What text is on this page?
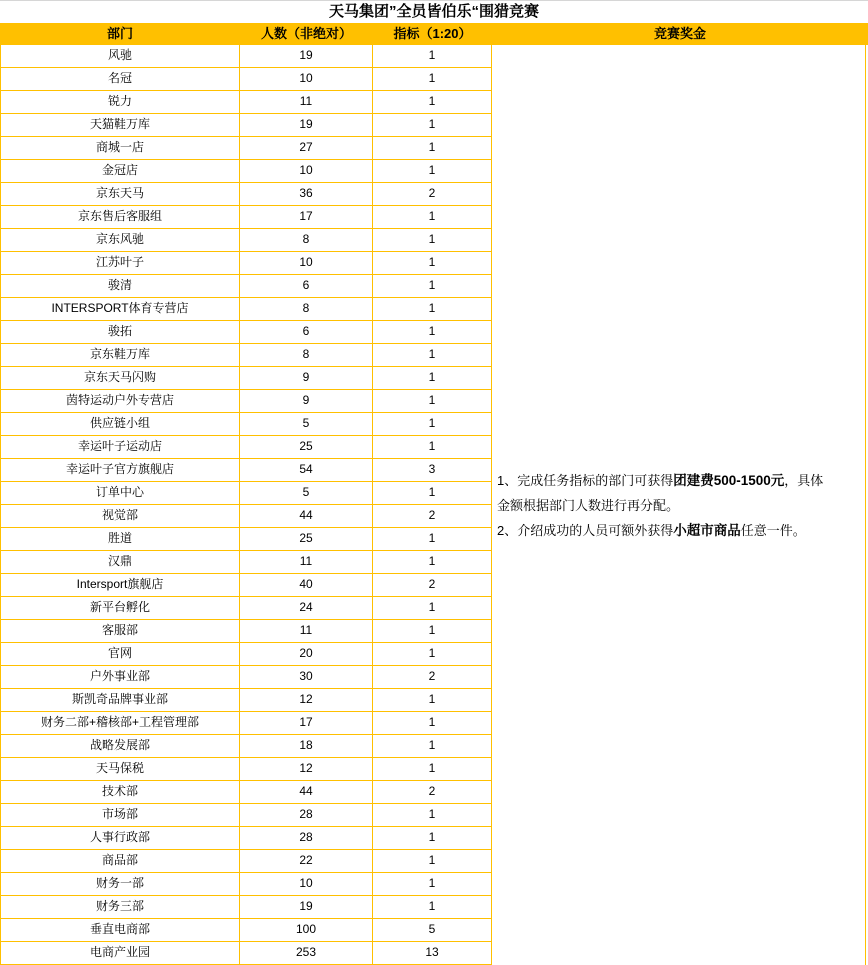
天马集团”全员皆伯乐“围猎竞赛
部门	人数（非绝对）	指标（1:20）	竞赛奖金
风驰	19	1
名冠	10	1
锐力	11	1
天猫鞋万库	19	1
商城一店	27	1
金冠店	10	1
京东天马	36	2
京东售后客服组	17	1
京东风驰	8	1
江苏叶子	10	1
骏清	6	1
INTERSPORT体育专营店	8	1
骏拓	6	1
京东鞋万库	8	1
京东天马闪购	9	1
茵特运动户外专营店	9	1
供应链小组	5	1
幸运叶子运动店	25	1
幸运叶子官方旗舰店	54	3
订单中心	5	1
视觉部	44	2
胜道	25	1
汉鼎	11	1
Intersport旗舰店	40	2
新平台孵化	24	1
客服部	11	1
官网	20	1
户外事业部	30	2
斯凯奇品牌事业部	12	1
财务二部+稽核部+工程管理部	17	1
战略发展部	18	1
天马保税	12	1
技术部	44	2
市场部	28	1
人事行政部	28	1
商品部	22	1
财务一部	10	1
财务三部	19	1
垂直电商部	100	5
电商产业园	253	13
1、完成任务指标的部门可获得团建费500-1500元，具体
金额根据部门人数进行再分配。
2、介绍成功的人员可额外获得小超市商品任意一件。
